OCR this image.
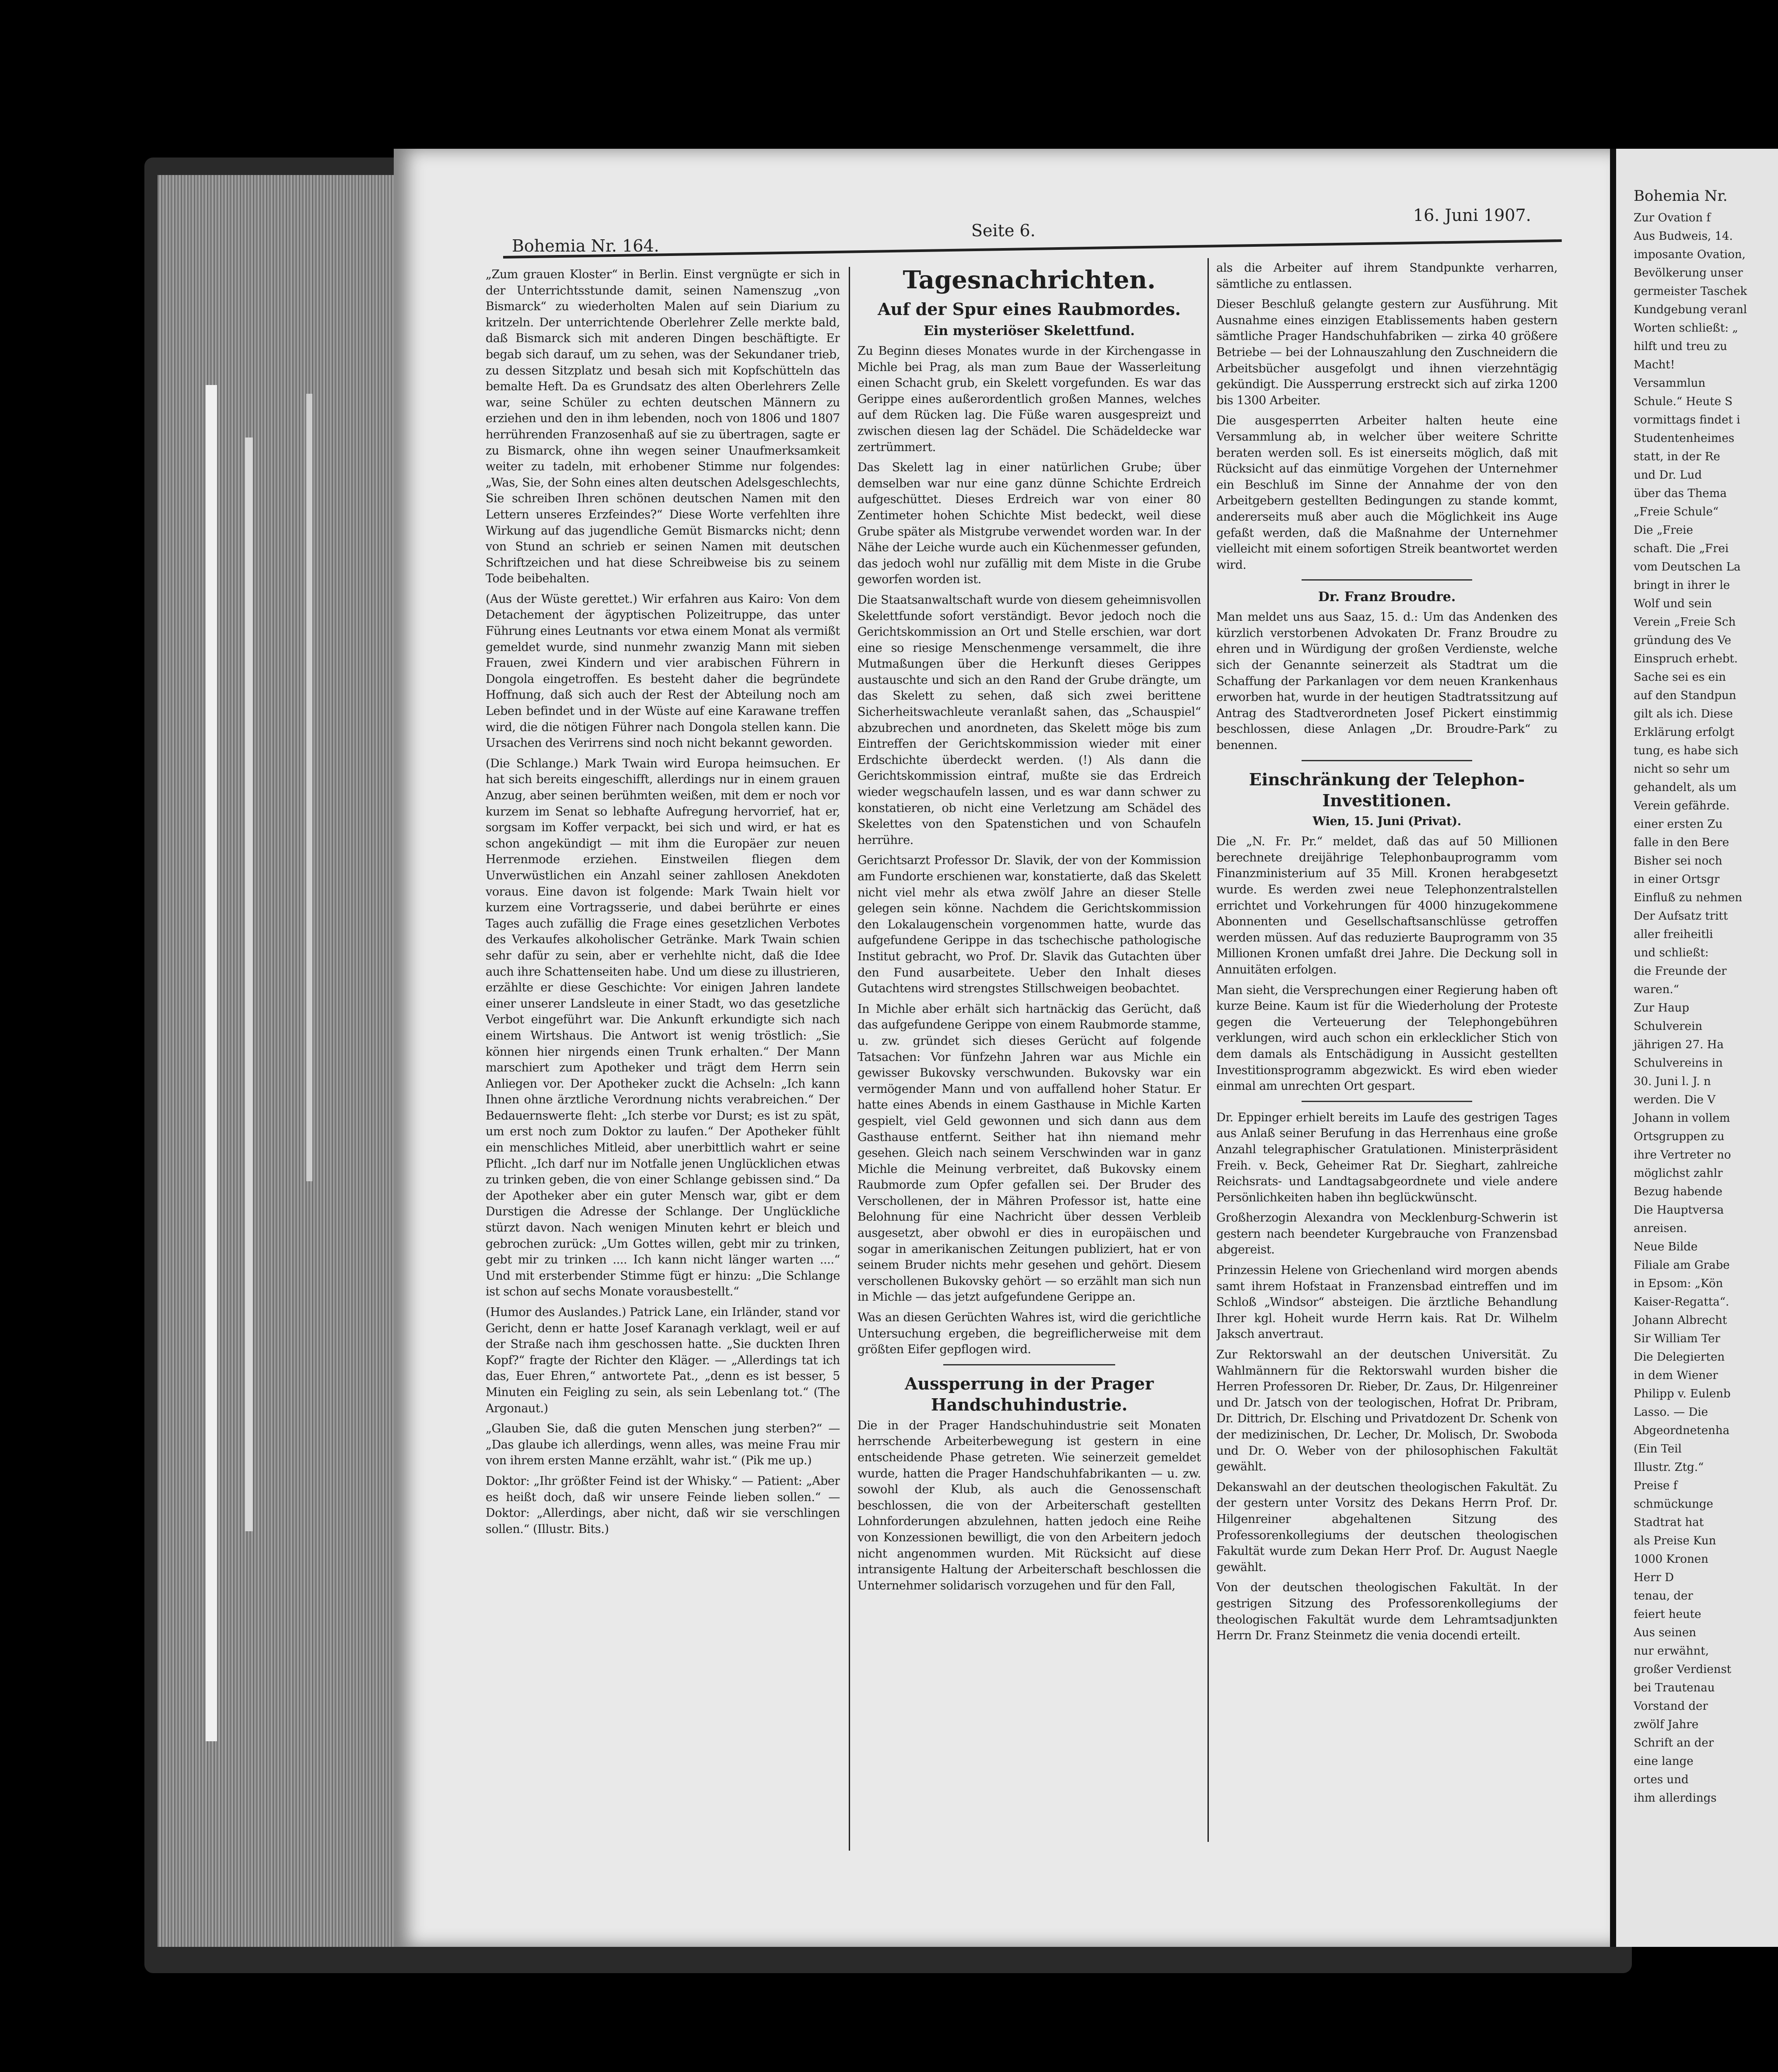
Bohemia Nr. 164.
Seite 6.
16. Juni 1907.

„Zum grauen Kloster“ in Berlin. Einst vergnügte er sich in der Unterrichtsstunde damit, seinen Namenszug „von Bismarck“ zu wiederholten Malen auf sein Diarium zu kritzeln. Der unterrichtende Oberlehrer Zelle merkte bald, daß Bismarck sich mit anderen Dingen beschäftigte. Er begab sich darauf, um zu sehen, was der Sekundaner trieb, zu dessen Sitzplatz und besah sich mit Kopfschütteln das bemalte Heft. Da es Grundsatz des alten Oberlehrers Zelle war, seine Schüler zu echten deutschen Männern zu erziehen und den in ihm lebenden, noch von 1806 und 1807 herrührenden Franzosenhaß auf sie zu übertragen, sagte er zu Bismarck, ohne ihn wegen seiner Unaufmerksamkeit weiter zu tadeln, mit erhobener Stimme nur folgendes: „Was, Sie, der Sohn eines alten deutschen Adelsgeschlechts, Sie schreiben Ihren schönen deutschen Namen mit den Lettern unseres Erzfeindes?“ Diese Worte verfehlten ihre Wirkung auf das jugendliche Gemüt Bismarcks nicht; denn von Stund an schrieb er seinen Namen mit deutschen Schriftzeichen und hat diese Schreibweise bis zu seinem Tode beibehalten.

(Aus der Wüste gerettet.) Wir erfahren aus Kairo: Von dem Detachement der ägyptischen Polizeitruppe, das unter Führung eines Leutnants vor etwa einem Monat als vermißt gemeldet wurde, sind nunmehr zwanzig Mann mit sieben Frauen, zwei Kindern und vier arabischen Führern in Dongola eingetroffen. Es besteht daher die begründete Hoffnung, daß sich auch der Rest der Abteilung noch am Leben befindet und in der Wüste auf eine Karawane treffen wird, die die nötigen Führer nach Dongola stellen kann. Die Ursachen des Verirrens sind noch nicht bekannt geworden.

(Die Schlange.) Mark Twain wird Europa heimsuchen. Er hat sich bereits eingeschifft, allerdings nur in einem grauen Anzug, aber seinen berühmten weißen, mit dem er noch vor kurzem im Senat so lebhafte Aufregung hervorrief, hat er, sorgsam im Koffer verpackt, bei sich und wird, er hat es schon angekündigt — mit ihm die Europäer zur neuen Herrenmode erziehen. Einstweilen fliegen dem Unverwüstlichen ein Anzahl seiner zahllosen Anekdoten voraus. Eine davon ist folgende: Mark Twain hielt vor kurzem eine Vortragsserie, und dabei berührte er eines Tages auch zufällig die Frage eines gesetzlichen Verbotes des Verkaufes alkoholischer Getränke. Mark Twain schien sehr dafür zu sein, aber er verhehlte nicht, daß die Idee auch ihre Schattenseiten habe. Und um diese zu illustrieren, erzählte er diese Geschichte: Vor einigen Jahren landete einer unserer Landsleute in einer Stadt, wo das gesetzliche Verbot eingeführt war. Die Ankunft erkundigte sich nach einem Wirtshaus. Die Antwort ist wenig tröstlich: „Sie können hier nirgends einen Trunk erhalten.“ Der Mann marschiert zum Apotheker und trägt dem Herrn sein Anliegen vor. Der Apotheker zuckt die Achseln: „Ich kann Ihnen ohne ärztliche Verordnung nichts verabreichen.“ Der Bedauernswerte fleht: „Ich sterbe vor Durst; es ist zu spät, um erst noch zum Doktor zu laufen.“ Der Apotheker fühlt ein menschliches Mitleid, aber unerbittlich wahrt er seine Pflicht. „Ich darf nur im Notfalle jenen Unglücklichen etwas zu trinken geben, die von einer Schlange gebissen sind.“ Da der Apotheker aber ein guter Mensch war, gibt er dem Durstigen die Adresse der Schlange. Der Unglückliche stürzt davon. Nach wenigen Minuten kehrt er bleich und gebrochen zurück: „Um Gottes willen, gebt mir zu trinken, gebt mir zu trinken .... Ich kann nicht länger warten ....“ Und mit ersterbender Stimme fügt er hinzu: „Die Schlange ist schon auf sechs Monate vorausbestellt.“

(Humor des Auslandes.) Patrick Lane, ein Irländer, stand vor Gericht, denn er hatte Josef Karanagh verklagt, weil er auf der Straße nach ihm geschossen hatte. „Sie duckten Ihren Kopf?“ fragte der Richter den Kläger. — „Allerdings tat ich das, Euer Ehren,“ antwortete Pat., „denn es ist besser, 5 Minuten ein Feigling zu sein, als sein Lebenlang tot.“ (The Argonaut.)

„Glauben Sie, daß die guten Menschen jung sterben?“ — „Das glaube ich allerdings, wenn alles, was meine Frau mir von ihrem ersten Manne erzählt, wahr ist.“ (Pik me up.)

Doktor: „Ihr größter Feind ist der Whisky.“ — Patient: „Aber es heißt doch, daß wir unsere Feinde lieben sollen.“ — Doktor: „Allerdings, aber nicht, daß wir sie verschlingen sollen.“ (Illustr. Bits.)

Tagesnachrichten.
Auf der Spur eines Raubmordes.
Ein mysteriöser Skelettfund.

Zu Beginn dieses Monates wurde in der Kirchengasse in Michle bei Prag, als man zum Baue der Wasserleitung einen Schacht grub, ein Skelett vorgefunden. Es war das Gerippe eines außerordentlich großen Mannes, welches auf dem Rücken lag. Die Füße waren ausgespreizt und zwischen diesen lag der Schädel. Die Schädeldecke war zertrümmert.

Das Skelett lag in einer natürlichen Grube; über demselben war nur eine ganz dünne Schichte Erdreich aufgeschüttet. Dieses Erdreich war von einer 80 Zentimeter hohen Schichte Mist bedeckt, weil diese Grube später als Mistgrube verwendet worden war. In der Nähe der Leiche wurde auch ein Küchenmesser gefunden, das jedoch wohl nur zufällig mit dem Miste in die Grube geworfen worden ist.

Die Staatsanwaltschaft wurde von diesem geheimnisvollen Skelettfunde sofort verständigt. Bevor jedoch noch die Gerichtskommission an Ort und Stelle erschien, war dort eine so riesige Menschenmenge versammelt, die ihre Mutmaßungen über die Herkunft dieses Gerippes austauschte und sich an den Rand der Grube drängte, um das Skelett zu sehen, daß sich zwei berittene Sicherheitswachleute veranlaßt sahen, das „Schauspiel“ abzubrechen und anordneten, das Skelett möge bis zum Eintreffen der Gerichtskommission wieder mit einer Erdschichte überdeckt werden. (!) Als dann die Gerichtskommission eintraf, mußte sie das Erdreich wieder wegschaufeln lassen, und es war dann schwer zu konstatieren, ob nicht eine Verletzung am Schädel des Skelettes von den Spatenstichen und von Schaufeln herrühre.

Gerichtsarzt Professor Dr. Slavik, der von der Kommission am Fundorte erschienen war, konstatierte, daß das Skelett nicht viel mehr als etwa zwölf Jahre an dieser Stelle gelegen sein könne. Nachdem die Gerichtskommission den Lokalaugenschein vorgenommen hatte, wurde das aufgefundene Gerippe in das tschechische pathologische Institut gebracht, wo Prof. Dr. Slavik das Gutachten über den Fund ausarbeitete. Ueber den Inhalt dieses Gutachtens wird strengstes Stillschweigen beobachtet.

In Michle aber erhält sich hartnäckig das Gerücht, daß das aufgefundene Gerippe von einem Raubmorde stamme, u. zw. gründet sich dieses Gerücht auf folgende Tatsachen: Vor fünfzehn Jahren war aus Michle ein gewisser Bukovsky verschwunden. Bukovsky war ein vermögender Mann und von auffallend hoher Statur. Er hatte eines Abends in einem Gasthause in Michle Karten gespielt, viel Geld gewonnen und sich dann aus dem Gasthause entfernt. Seither hat ihn niemand mehr gesehen. Gleich nach seinem Verschwinden war in ganz Michle die Meinung verbreitet, daß Bukovsky einem Raubmorde zum Opfer gefallen sei. Der Bruder des Verschollenen, der in Mähren Professor ist, hatte eine Belohnung für eine Nachricht über dessen Verbleib ausgesetzt, aber obwohl er dies in europäischen und sogar in amerikanischen Zeitungen publiziert, hat er von seinem Bruder nichts mehr gesehen und gehört. Diesem verschollenen Bukovsky gehört — so erzählt man sich nun in Michle — das jetzt aufgefundene Gerippe an.

Was an diesen Gerüchten Wahres ist, wird die gerichtliche Untersuchung ergeben, die begreiflicherweise mit dem größten Eifer gepflogen wird.

Aussperrung in der Prager Handschuhindustrie.

Die in der Prager Handschuhindustrie seit Monaten herrschende Arbeiterbewegung ist gestern in eine entscheidende Phase getreten. Wie seinerzeit gemeldet wurde, hatten die Prager Handschuhfabrikanten — u. zw. sowohl der Klub, als auch die Genossenschaft beschlossen, die von der Arbeiterschaft gestellten Lohnforderungen abzulehnen, hatten jedoch eine Reihe von Konzessionen bewilligt, die von den Arbeitern jedoch nicht angenommen wurden. Mit Rücksicht auf diese intransigente Haltung der Arbeiterschaft beschlossen die Unternehmer solidarisch vorzugehen und für den Fall,

als die Arbeiter auf ihrem Standpunkte verharren, sämtliche zu entlassen.

Dieser Beschluß gelangte gestern zur Ausführung. Mit Ausnahme eines einzigen Etablissements haben gestern sämtliche Prager Handschuhfabriken — zirka 40 größere Betriebe — bei der Lohnauszahlung den Zuschneidern die Arbeitsbücher ausgefolgt und ihnen vierzehntägig gekündigt. Die Aussperrung erstreckt sich auf zirka 1200 bis 1300 Arbeiter.

Die ausgesperrten Arbeiter halten heute eine Versammlung ab, in welcher über weitere Schritte beraten werden soll. Es ist einerseits möglich, daß mit Rücksicht auf das einmütige Vorgehen der Unternehmer ein Beschluß im Sinne der Annahme der von den Arbeitgebern gestellten Bedingungen zu stande kommt, andererseits muß aber auch die Möglichkeit ins Auge gefaßt werden, daß die Maßnahme der Unternehmer vielleicht mit einem sofortigen Streik beantwortet werden wird.

Dr. Franz Broudre.

Man meldet uns aus Saaz, 15. d.: Um das Andenken des kürzlich verstorbenen Advokaten Dr. Franz Broudre zu ehren und in Würdigung der großen Verdienste, welche sich der Genannte seinerzeit als Stadtrat um die Schaffung der Parkanlagen vor dem neuen Krankenhaus erworben hat, wurde in der heutigen Stadtratssitzung auf Antrag des Stadtverordneten Josef Pickert einstimmig beschlossen, diese Anlagen „Dr. Broudre-Park“ zu benennen.

Einschränkung der Telephon-Investitionen.

Wien, 15. Juni (Privat).

Die „N. Fr. Pr.“ meldet, daß das auf 50 Millionen berechnete dreijährige Telephonbauprogramm vom Finanzministerium auf 35 Mill. Kronen herabgesetzt wurde. Es werden zwei neue Telephonzentralstellen errichtet und Vorkehrungen für 4000 hinzugekommene Abonnenten und Gesellschaftsanschlüsse getroffen werden müssen. Auf das reduzierte Bauprogramm von 35 Millionen Kronen umfaßt drei Jahre. Die Deckung soll in Annuitäten erfolgen.

Man sieht, die Versprechungen einer Regierung haben oft kurze Beine. Kaum ist für die Wiederholung der Proteste gegen die Verteuerung der Telephongebühren verklungen, wird auch schon ein erklecklicher Stich von dem damals als Entschädigung in Aussicht gestellten Investitionsprogramm abgezwickt. Es wird eben wieder einmal am unrechten Ort gespart.

Dr. Eppinger erhielt bereits im Laufe des gestrigen Tages aus Anlaß seiner Berufung in das Herrenhaus eine große Anzahl telegraphischer Gratulationen. Ministerpräsident Freih. v. Beck, Geheimer Rat Dr. Sieghart, zahlreiche Reichsrats- und Landtagsabgeordnete und viele andere Persönlichkeiten haben ihn beglückwünscht.

Großherzogin Alexandra von Mecklenburg-Schwerin ist gestern nach beendeter Kurgebrauche von Franzensbad abgereist.

Prinzessin Helene von Griechenland wird morgen abends samt ihrem Hofstaat in Franzensbad eintreffen und im Schloß „Windsor“ absteigen. Die ärztliche Behandlung Ihrer kgl. Hoheit wurde Herrn kais. Rat Dr. Wilhelm Jaksch anvertraut.

Zur Rektorswahl an der deutschen Universität. Zu Wahlmännern für die Rektorswahl wurden bisher die Herren Professoren Dr. Rieber, Dr. Zaus, Dr. Hilgenreiner und Dr. Jatsch von der teologischen, Hofrat Dr. Pribram, Dr. Dittrich, Dr. Elsching und Privatdozent Dr. Schenk von der medizinischen, Dr. Lecher, Dr. Molisch, Dr. Swoboda und Dr. O. Weber von der philosophischen Fakultät gewählt.

Dekanswahl an der deutschen theologischen Fakultät. Zu der gestern unter Vorsitz des Dekans Herrn Prof. Dr. Hilgenreiner abgehaltenen Sitzung des Professorenkollegiums der deutschen theologischen Fakultät wurde zum Dekan Herr Prof. Dr. August Naegle gewählt.

Von der deutschen theologischen Fakultät. In der gestrigen Sitzung des Professorenkollegiums der theologischen Fakultät wurde dem Lehramtsadjunkten Herrn Dr. Franz Steinmetz die venia docendi erteilt.

Bohemia Nr.

Zur Ovation f

Aus Budweis, 14.

imposante Ovation,

Bevölkerung unser

germeister Taschek

Kundgebung veranl

Worten schließt: „

hilft und treu zu

Macht!

Versammlun

Schule.“ Heute S

vormittags findet i

Studentenheimes

statt, in der Re

und Dr. Lud

über das Thema

„Freie Schule“

Die „Freie

schaft. Die „Frei

vom Deutschen La

bringt in ihrer le

Wolf und sein

Verein „Freie Sch

gründung des Ve

Einspruch erhebt.

Sache sei es ein

auf den Standpun

gilt als ich. Diese

Erklärung erfolgt

tung, es habe sich

nicht so sehr um

gehandelt, als um

Verein gefährde.

einer ersten Zu

falle in den Bere

Bisher sei noch

in einer Ortsgr

Einfluß zu nehmen

Der Aufsatz tritt

aller freiheitli

und schließt:

die Freunde der

waren.“

Zur Haup

Schulverein

jährigen 27. Ha

Schulvereins in

30. Juni l. J. n

werden. Die V

Johann in vollem

Ortsgruppen zu

ihre Vertreter no

möglichst zahlr

Bezug habende

Die Hauptversa

anreisen.

Neue Bilde

Filiale am Grabe

in Epsom: „Kön

Kaiser-Regatta“.

Johann Albrecht

Sir William Ter

Die Delegierten

in dem Wiener

Philipp v. Eulenb

Lasso. — Die

Abgeordnetenha

(Ein Teil

Illustr. Ztg.“

Preise f

schmückunge

Stadtrat hat

als Preise Kun

1000 Kronen

Herr D

tenau, der

feiert heute

Aus seinen

nur erwähnt,

großer Verdienst

bei Trautenau

Vorstand der

zwölf Jahre

Schrift an der

eine lange

ortes und

ihm allerdings
